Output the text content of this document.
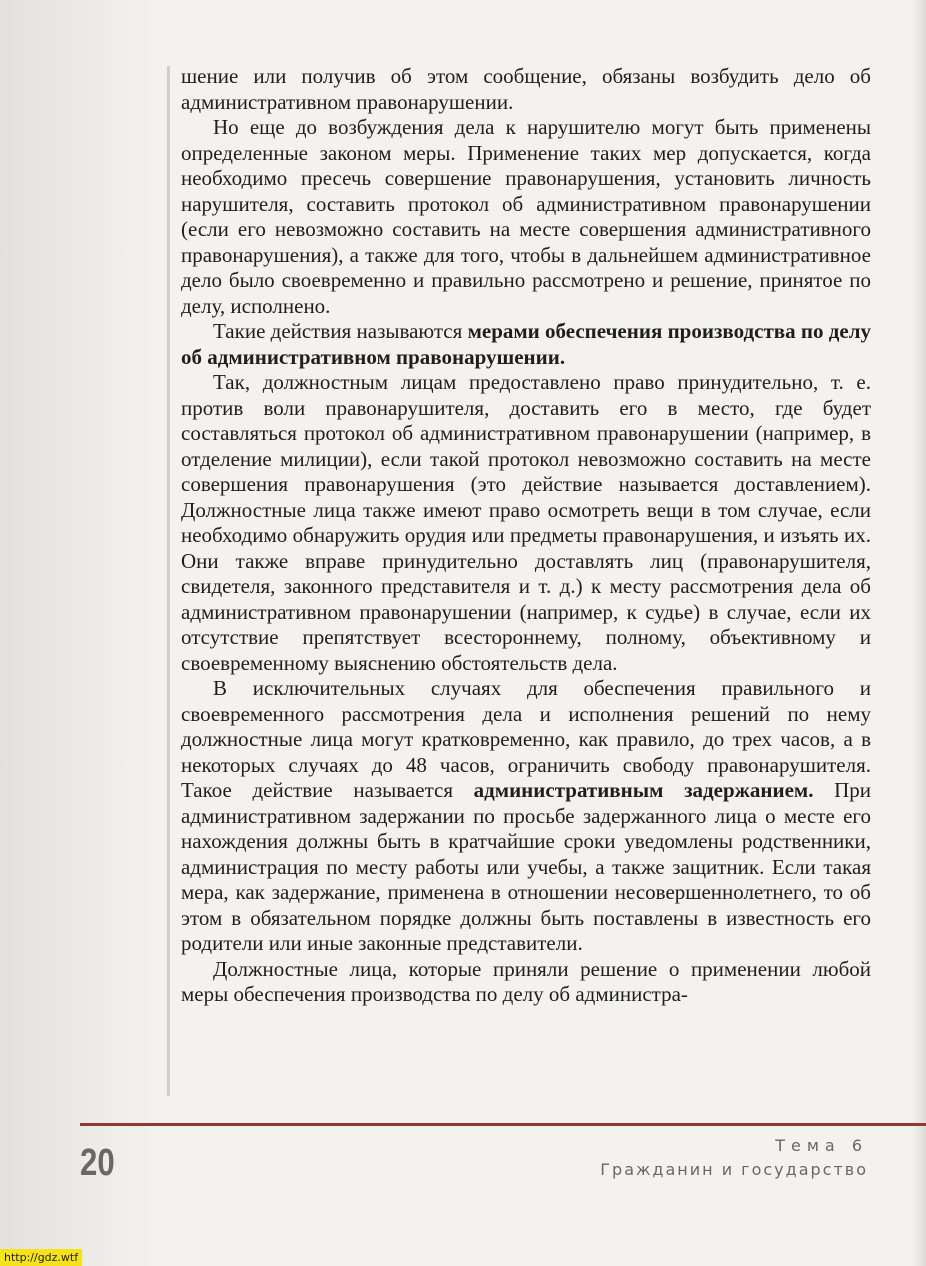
шение или получив об этом сообщение, обязаны возбудить дело об административном правонарушении.

Но еще до возбуждения дела к нарушителю могут быть применены определенные законом меры. Применение таких мер допускается, когда необходимо пресечь совершение правонарушения, установить личность нарушителя, составить протокол об административном правонарушении (если его невозможно составить на месте совершения административного правонарушения), а также для того, чтобы в дальнейшем административное дело было своевременно и правильно рассмотрено и решение, принятое по делу, исполнено.

Такие действия называются мерами обеспечения производства по делу об административном правонарушении.

Так, должностным лицам предоставлено право принудительно, т. е. против воли правонарушителя, доставить его в место, где будет составляться протокол об административном правонарушении (например, в отделение милиции), если такой протокол невозможно составить на месте совершения правонарушения (это действие называется доставлением). Должностные лица также имеют право осмотреть вещи в том случае, если необходимо обнаружить орудия или предметы правонарушения, и изъять их. Они также вправе принудительно доставлять лиц (правонарушителя, свидетеля, законного представителя и т. д.) к месту рассмотрения дела об административном правонарушении (например, к судье) в случае, если их отсутствие препятствует всестороннему, полному, объективному и своевременному выяснению обстоятельств дела.

В исключительных случаях для обеспечения правильного и своевременного рассмотрения дела и исполнения решений по нему должностные лица могут кратковременно, как правило, до трех часов, а в некоторых случаях до 48 часов, ограничить свободу правонарушителя. Такое действие называется административным задержанием. При административном задержании по просьбе задержанного лица о месте его нахождения должны быть в кратчайшие сроки уведомлены родственники, администрация по месту работы или учебы, а также защитник. Если такая мера, как задержание, применена в отношении несовершеннолетнего, то об этом в обязательном порядке должны быть поставлены в известность его родители или иные законные представители.

Должностные лица, которые приняли решение о применении любой меры обеспечения производства по делу об администра-

20	Тема 6
Гражданин и государство
http://gdz.wtf
